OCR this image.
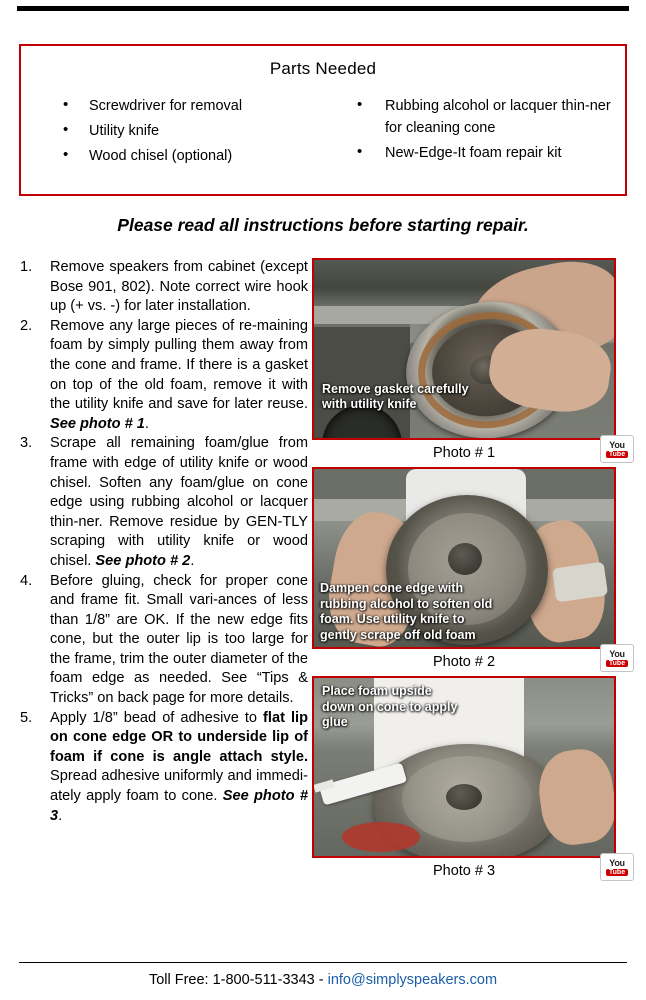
Parts Needed
• Screwdriver for removal
• Utility knife
• Wood chisel (optional)
• Rubbing alcohol or lacquer thin-ner for cleaning cone
• New-Edge-It foam repair kit
Please read all instructions before starting repair.
Remove speakers from cabinet (except Bose 901, 802). Note correct wire hook up (+ vs. -) for later installation.
Remove any large pieces of re-maining foam by simply pulling them away from the cone and frame. If there is a gasket on top of the old foam, remove it with the utility knife and save for later reuse. See photo # 1.
Scrape all remaining foam/glue from frame with edge of utility knife or wood chisel. Soften any foam/glue on cone edge using rubbing alcohol or lacquer thin-ner. Remove residue by GEN-TLY scraping with utility knife or wood chisel. See photo # 2.
Before gluing, check for proper cone and frame fit. Small vari-ances of less than 1/8” are OK. If the new edge fits cone, but the outer lip is too large for the frame, trim the outer diameter of the foam edge as needed. See “Tips & Tricks” on back page for more details.
Apply 1/8” bead of adhesive to flat lip on cone edge OR to underside lip of foam if cone is angle attach style. Spread adhesive uniformly and immedi-ately apply foam to cone. See photo # 3.
Remove gasket carefully with utility knife
Photo # 1
You
Tube
Dampen cone edge with rubbing alcohol to soften old foam. Use utility knife to gently scrape off old foam
Photo # 2
You
Tube
Place foam upside down on cone to apply glue
Photo # 3
You
Tube
Toll Free: 1-800-511-3343 - info@simplyspeakers.com
